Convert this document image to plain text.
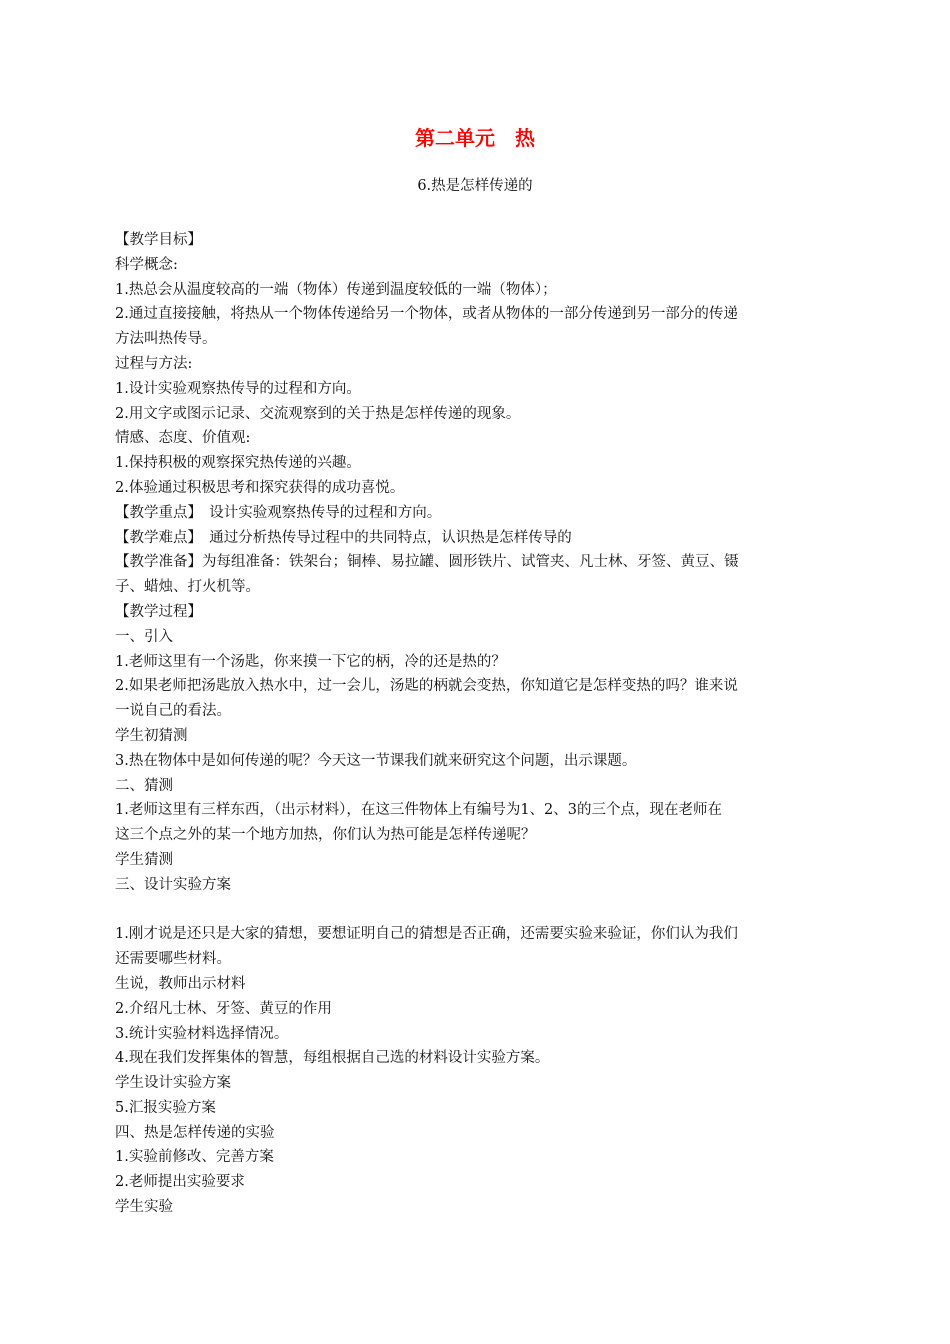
第二单元　热
6.热是怎样传递的
【教学目标】
科学概念:
1.热总会从温度较高的一端（物体）传递到温度较低的一端（物体）；
2.通过直接接触，将热从一个物体传递给另一个物体，或者从物体的一部分传递到另一部分的传递
方法叫热传导。
过程与方法:
1.设计实验观察热传导的过程和方向。
2.用文字或图示记录、交流观察到的关于热是怎样传递的现象。
情感、态度、价值观:
1.保持积极的观察探究热传递的兴趣。
2.体验通过积极思考和探究获得的成功喜悦。
【教学重点】　设计实验观察热传导的过程和方向。
【教学难点】　通过分析热传导过程中的共同特点，认识热是怎样传导的
【教学准备】为每组准备：铁架台；铜棒、易拉罐、圆形铁片、试管夹、凡士林、牙签、黄豆、镊
子、蜡烛、打火机等。
【教学过程】
一、引入
1.老师这里有一个汤匙，你来摸一下它的柄，冷的还是热的？
2.如果老师把汤匙放入热水中，过一会儿，汤匙的柄就会变热，你知道它是怎样变热的吗？谁来说
一说自己的看法。
学生初猜测
3.热在物体中是如何传递的呢？今天这一节课我们就来研究这个问题，出示课题。
二、猜测
1.老师这里有三样东西，（出示材料），在这三件物体上有编号为1、2、3的三个点，现在老师在
这三个点之外的某一个地方加热，你们认为热可能是怎样传递呢？
学生猜测
三、设计实验方案
1.刚才说是还只是大家的猜想，要想证明自己的猜想是否正确，还需要实验来验证，你们认为我们
还需要哪些材料。
生说，教师出示材料
2.介绍凡士林、牙签、黄豆的作用
3.统计实验材料选择情况。
4.现在我们发挥集体的智慧，每组根据自己选的材料设计实验方案。
学生设计实验方案
5.汇报实验方案
四、热是怎样传递的实验
1.实验前修改、完善方案
2.老师提出实验要求
学生实验
